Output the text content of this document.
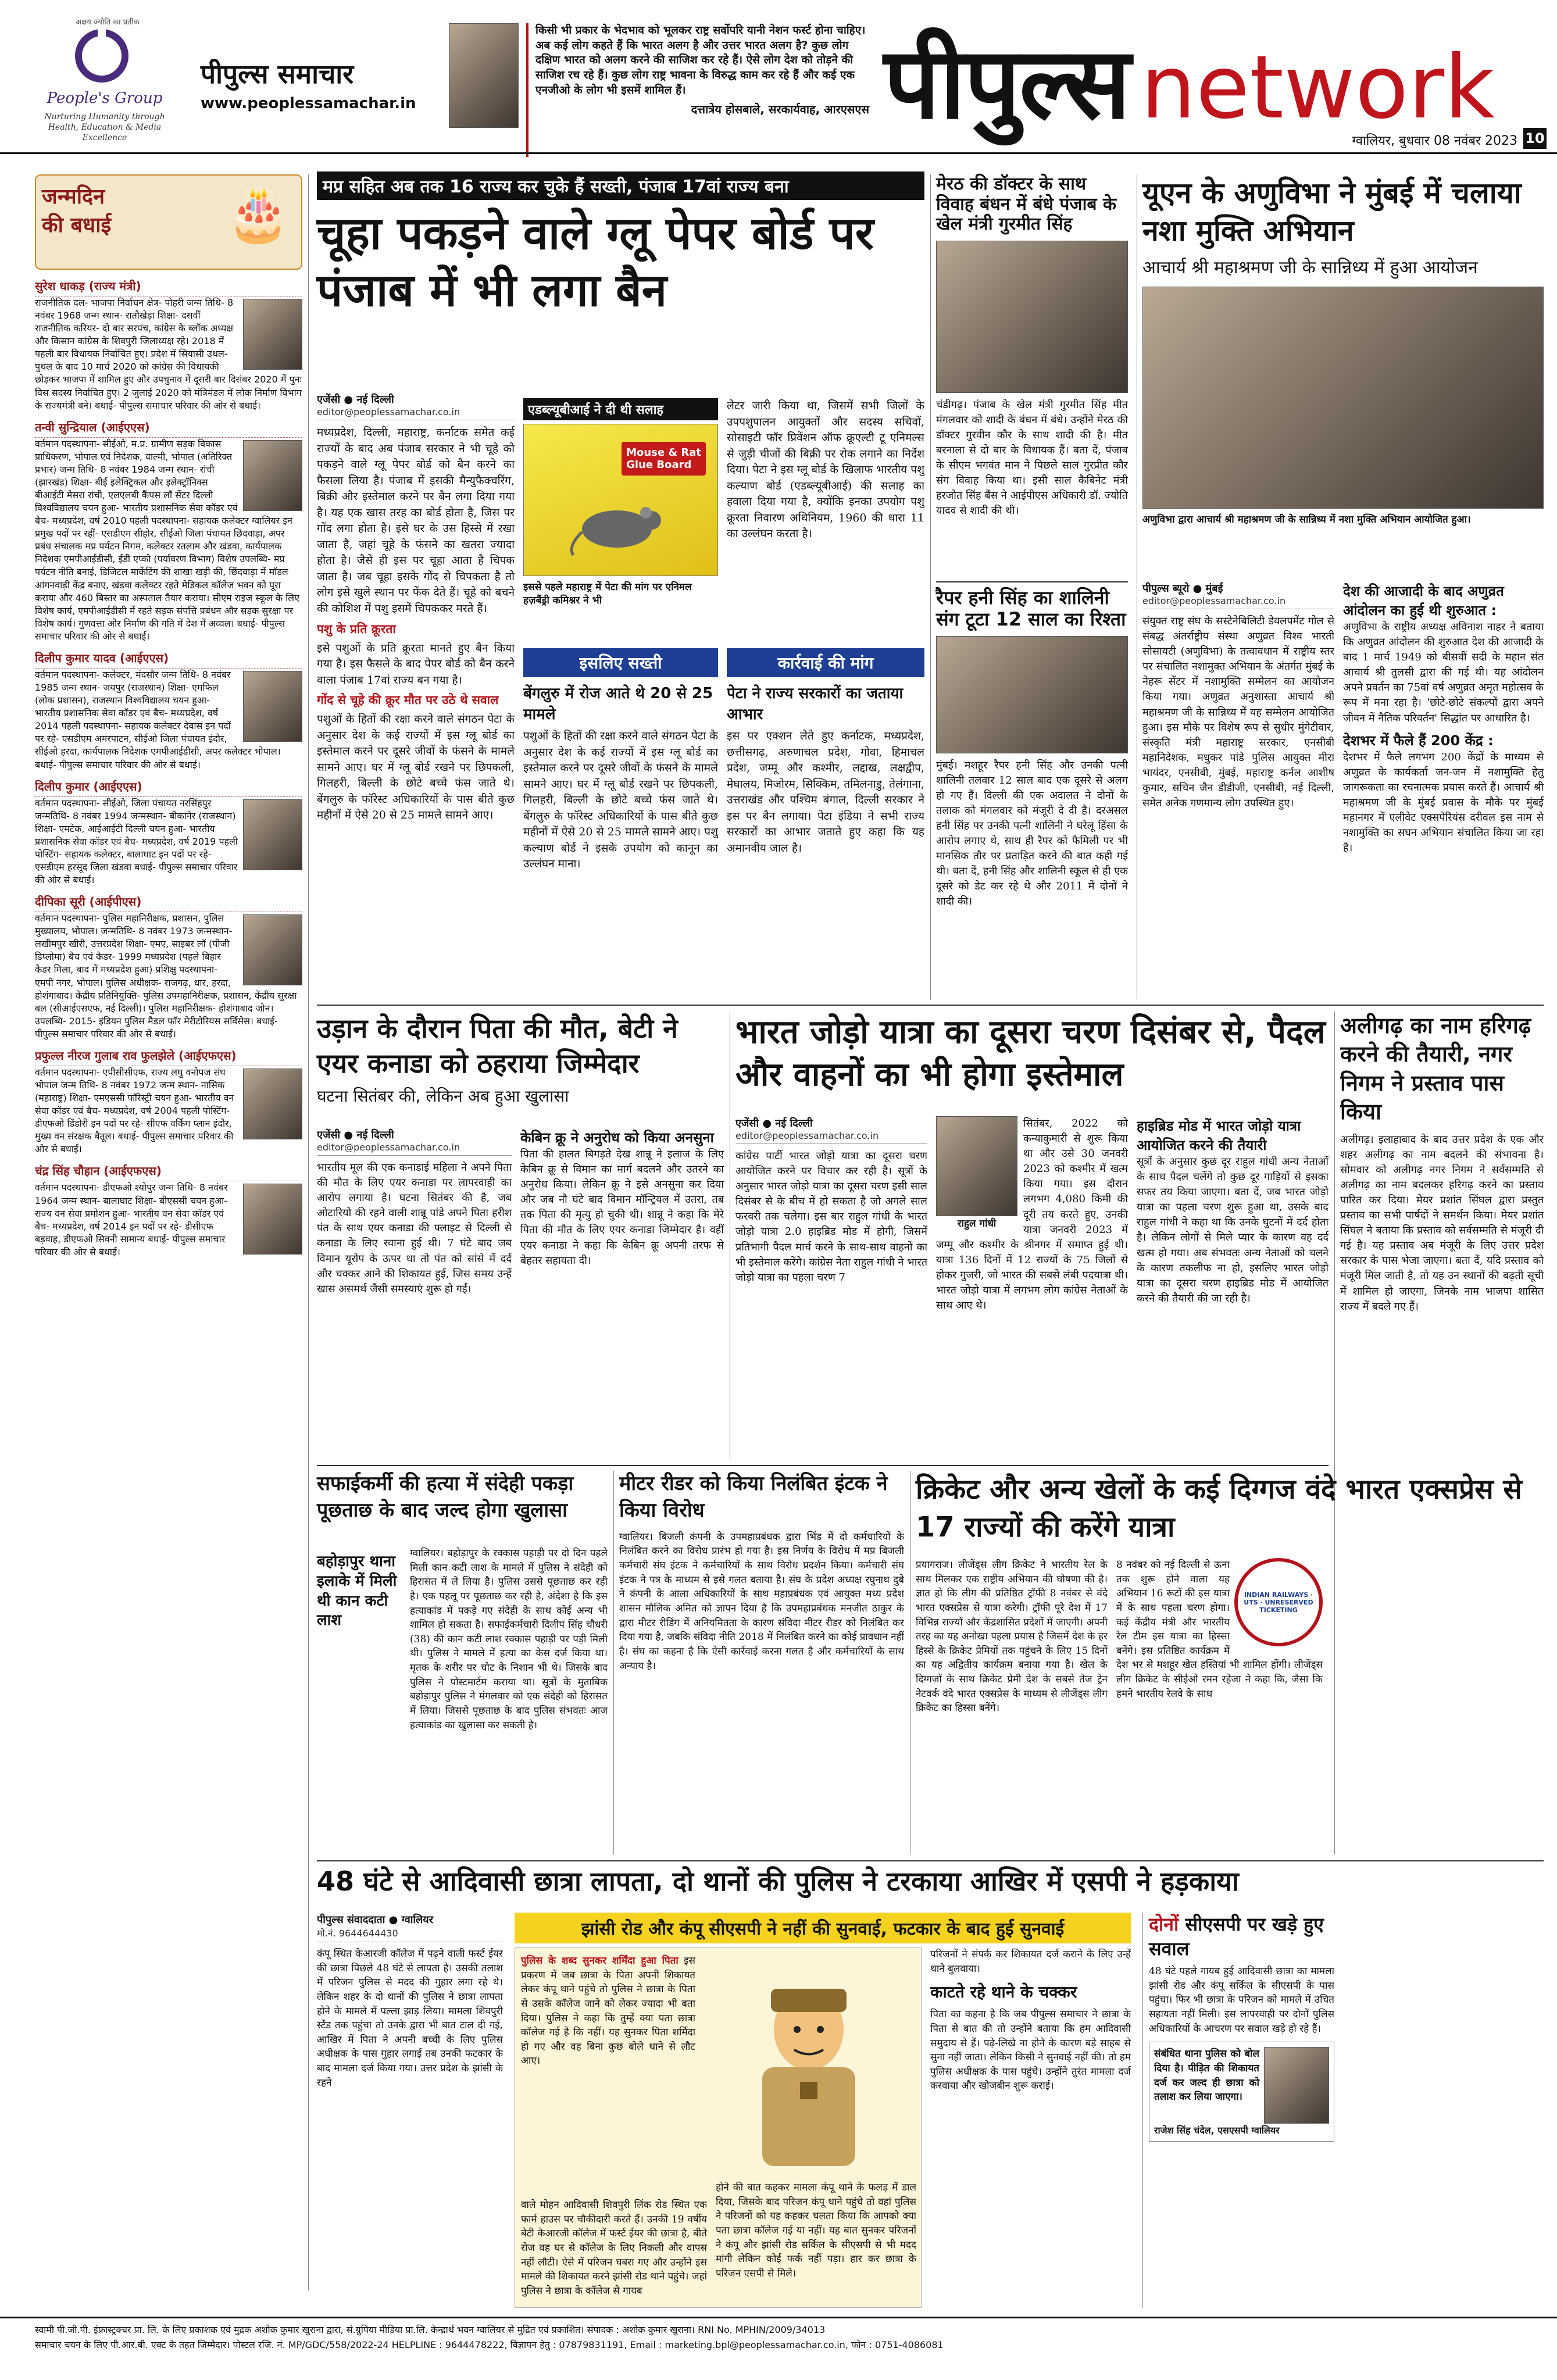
अक्षय ज्योति का प्रतीक
People's Group
Nurturing Humanity through Health, Education & Media Excellence
पीपुल्स समाचार
www.peoplessamachar.in
किसी भी प्रकार के भेदभाव को भूलकर राष्ट्र सर्वोपरि यानी नेशन फर्स्ट होना चाहिए। अब कई लोग कहते हैं कि भारत अलग है और उत्तर भारत अलग है? कुछ लोग दक्षिण भारत को अलग करने की साजिश कर रहे हैं। ऐसे लोग देश को तोड़ने की साजिश रच रहे हैं। कुछ लोग राष्ट्र भावना के विरुद्ध काम कर रहे हैं और कई एक एनजीओ के लोग भी इसमें शामिल हैं।
दत्तात्रेय होसबाले, सरकार्यवाह, आरएसएस पीपुल्स network
ग्वालियर, बुधवार 08 नवंबर 2023 10
जन्मदिन
की बधाई	🎂
सुरेश धाकड़ (राज्य मंत्री)
राजनीतिक दल- भाजपा निर्वाचन क्षेत्र- पोहरी जन्म तिथि- 8 नवंबर 1968 जन्म स्थान- रातौखेड़ा शिक्षा- दसवीं राजनीतिक करियर- दो बार सरपंच, कांग्रेस के ब्लॉक अध्यक्ष और किसान कांग्रेस के शिवपुरी जिलाध्यक्ष रहे। 2018 में पहली बार विधायक निर्वाचित हुए। प्रदेश में सियासी उथल-पुथल के बाद 10 मार्च 2020 को कांग्रेस की विधायकी छोड़कर भाजपा में शामिल हुए और उपचुनाव में दूसरी बार दिसंबर 2020 में पुनः विस सदस्य निर्वाचित हुए। 2 जुलाई 2020 को मंत्रिमंडल में लोक निर्माण विभाग के राज्यमंत्री बने। बधाई- पीपुल्स समाचार परिवार की ओर से बधाई।
तन्वी सुन्द्रियाल (आईएएस)
वर्तमान पदस्थापना- सीईओ, म.प्र. ग्रामीण सड़क विकास प्राधिकरण, भोपाल एवं निदेशक, वाल्मी, भोपाल (अतिरिक्त प्रभार) जन्म तिथि- 8 नवंबर 1984 जन्म स्थान- रांची (झारखंड) शिक्षा- बीई इलेक्ट्रिकल और इलेक्ट्रॉनिक्स बीआईटी मेसरा रांची, एलएलबी कैंपस लॉ सेंटर दिल्ली विश्वविद्यालय चयन हुआ- भारतीय प्रशासनिक सेवा कॉडर एवं बैच- मध्यप्रदेश, वर्ष 2010 पहली पदस्थापना- सहायक कलेक्टर ग्वालियर इन प्रमुख पदों पर रहीं- एसडीएम सीहोर, सीईओ जिला पंचायत छिंदवाड़ा, अपर प्रबंध संचालक मप्र पर्यटन निगम, कलेक्टर रतलाम और खंडवा, कार्यपालक निदेशक एमपीआईडीसी, ईडी एप्को (पर्यावरण विभाग) विशेष उपलब्धि- मप्र पर्यटन नीति बनाई, डिजिटल मार्केटिंग की शाखा खड़ी की, छिंदवाड़ा में मॉडल आंगनवाड़ी केंद्र बनाए, खंडवा कलेक्टर रहते मेडिकल कॉलेज भवन को पूरा कराया और 460 बिस्तर का अस्पताल तैयार कराया। सीएम राइज स्कूल के लिए विशेष कार्य, एमपीआईडीसी में रहते सड़क संपत्ति प्रबंधन और सड़क सुरक्षा पर विशेष कार्य। गुणवत्ता और निर्माण की गति में देश में अव्वल। बधाई- पीपुल्स समाचार परिवार की ओर से बधाई।
दिलीप कुमार यादव (आईएएस)
वर्तमान पदस्थापना- कलेक्टर, मंदसौर जन्म तिथि- 8 नवंबर 1985 जन्म स्थान- जयपुर (राजस्थान) शिक्षा- एमफिल (लोक प्रशासन), राजस्थान विश्वविद्यालय चयन हुआ- भारतीय प्रशासनिक सेवा कॉडर एवं बैच- मध्यप्रदेश, वर्ष 2014 पहली पदस्थापना- सहायक कलेक्टर देवास इन पदों पर रहे- एसडीएम अमरपाटन, सीईओ जिला पंचायत इंदौर, सीईओ हरदा, कार्यपालक निदेशक एमपीआईडीसी, अपर कलेक्टर भोपाल। बधाई- पीपुल्स समाचार परिवार की ओर से बधाई।
दिलीप कुमार (आईएएस)
वर्तमान पदस्थापना- सीईओ, जिला पंचायत नरसिंहपुर जन्मतिथि- 8 नवंबर 1994 जन्मस्थान- बीकानेर (राजस्थान) शिक्षा- एमटेक, आईआईटी दिल्ली चयन हुआ- भारतीय प्रशासनिक सेवा कॉडर एवं बैच- मध्यप्रदेश, वर्ष 2019 पहली पोस्टिंग- सहायक कलेक्टर, बालाघाट इन पदों पर रहे- एसडीएम हरसूद जिला खंडवा बधाई- पीपुल्स समाचार परिवार की ओर से बधाई।
दीपिका सूरी (आईपीएस)
वर्तमान पदस्थापना- पुलिस महानिरीक्षक, प्रशासन, पुलिस मुख्यालय, भोपाल। जन्मतिथि- 8 नवंबर 1973 जन्मस्थान- लखीमपुर खीरी, उत्तरप्रदेश शिक्षा- एमए, साइबर लॉ (पीजी डिप्लोमा) बैच एवं कैडर- 1999 मध्यप्रदेश (पहले बिहार कैडर मिला, बाद में मध्यप्रदेश हुआ) प्रशिक्षु पदस्थापना- एमपी नगर, भोपाल। पुलिस अधीक्षक- राजगढ़, धार, हरदा, होशंगाबाद। केंद्रीय प्रतिनियुक्ति- पुलिस उपमहानिरीक्षक, प्रशासन, केंद्रीय सुरक्षा बल (सीआईएसएफ, नई दिल्ली)। पुलिस महानिरीक्षक- होशंगाबाद जोन। उपलब्धि- 2015- इंडियन पुलिस मैडल फॉर मेरीटोरियस सर्विसेस। बधाई- पीपुल्स समाचार परिवार की ओर से बधाई।
प्रफुल्ल नीरज गुलाब राव फुलझेले (आईएफएस)
वर्तमान पदस्थापना- एपीसीसीएफ, राज्य लघु वनोपज संघ भोपाल जन्म तिथि- 8 नवंबर 1972 जन्म स्थान- नासिक (महाराष्ट्र) शिक्षा- एमएससी फॉरेस्ट्री चयन हुआ- भारतीय वन सेवा कॉडर एवं बैच- मध्यप्रदेश, वर्ष 2004 पहली पोस्टिंग- डीएफओ डिंडोरी इन पदों पर रहे- सीएफ वर्किंग प्लान इंदौर, मुख्य वन संरक्षक बैतूल। बधाई- पीपुल्स समाचार परिवार की ओर से बधाई।
चंद्र सिंह चौहान (आईएफएस)
वर्तमान पदस्थापना- डीएफओ श्योपुर जन्म तिथि- 8 नवंबर 1964 जन्म स्थान- बालाघाट शिक्षा- बीएससी चयन हुआ- राज्य वन सेवा प्रमोशन हुआ- भारतीय वन सेवा कॉडर एवं बैच- मध्यप्रदेश, वर्ष 2014 इन पदों पर रहे- डीसीएफ बड़वाह, डीएफओ सिवनी सामान्य बधाई- पीपुल्स समाचार परिवार की ओर से बधाई।
मप्र सहित अब तक 16 राज्य कर चुके हैं सख्ती, पंजाब 17वां राज्य बना
चूहा पकड़ने वाले ग्लू पेपर बोर्ड पर पंजाब में भी लगा बैन
एजेंसी ● नई दिल्ली
editor@peoplessamachar.co.in
मध्यप्रदेश, दिल्ली, महाराष्ट्र, कर्नाटक समेत कई राज्यों के बाद अब पंजाब सरकार ने भी चूहे को पकड़ने वाले ग्लू पेपर बोर्ड को बैन करने का फैसला लिया है। पंजाब में इसकी मैन्युफैक्चरिंग, बिक्री और इस्तेमाल करने पर बैन लगा दिया गया है। यह एक खास तरह का बोर्ड होता है, जिस पर गोंद लगा होता है। इसे घर के उस हिस्से में रखा जाता है, जहां चूहे के फंसने का खतरा ज्यादा होता है। जैसे ही इस पर चूहा आता है चिपक जाता है। जब चूहा इसके गोंद से चिपकता है तो लोग इसे खुले स्थान पर फेंक देते हैं। चूहे को बचने की कोशिश में पशु इसमें चिपककर मरते हैं।
पशु के प्रति क्रूरता
इसे पशुओं के प्रति क्रूरता मानते हुए बैन किया गया है। इस फैसले के बाद पेपर बोर्ड को बैन करने वाला पंजाब 17वां राज्य बन गया है।
गोंद से चूहे की क्रूर मौत पर उठे थे सवाल
पशुओं के हितों की रक्षा करने वाले संगठन पेटा के अनुसार देश के कई राज्यों में इस ग्लू बोर्ड का इस्तेमाल करने पर दूसरे जीवों के फंसने के मामले सामने आए। घर में ग्लू बोर्ड रखने पर छिपकली, गिलहरी, बिल्ली के छोटे बच्चे फंस जाते थे। बेंगलुरु के फॉरेस्ट अधिकारियों के पास बीते कुछ महीनों में ऐसे 20 से 25 मामले सामने आए।
एडब्ल्यूबीआई ने दी थी सलाह
Mouse & Rat
Glue Board
इससे पहले महाराष्ट्र में पेटा की मांग पर एनिमल हज़बैंड्री कमिश्नर ने भी
लेटर जारी किया था, जिसमें सभी जिलों के उपपशुपालन आयुक्तों और सदस्य सचिवों, सोसाइटी फॉर प्रिवेंशन ऑफ क्रूएल्टी टू एनिमल्स से जुड़ी चीजों की बिक्री पर रोक लगाने का निर्देश दिया। पेटा ने इस ग्लू बोर्ड के खिलाफ भारतीय पशु कल्याण बोर्ड (एडब्ल्यूबीआई) की सलाह का हवाला दिया गया है, क्योंकि इनका उपयोग पशु क्रूरता निवारण अधिनियम, 1960 की धारा 11 का उल्लंघन करता है।
इसलिए सख्ती
बेंगलुरु में रोज आते थे 20 से 25 मामले
पशुओं के हितों की रक्षा करने वाले संगठन पेटा के अनुसार देश के कई राज्यों में इस ग्लू बोर्ड का इस्तेमाल करने पर दूसरे जीवों के फंसने के मामले सामने आए। घर में ग्लू बोर्ड रखने पर छिपकली, गिलहरी, बिल्ली के छोटे बच्चे फंस जाते थे। बेंगलुरु के फॉरेस्ट अधिकारियों के पास बीते कुछ महीनों में ऐसे 20 से 25 मामले सामने आए। पशु कल्याण बोर्ड ने इसके उपयोग को कानून का उल्लंघन माना।
कार्रवाई की मांग
पेटा ने राज्य सरकारों का जताया आभार
इस पर एक्शन लेते हुए कर्नाटक, मध्यप्रदेश, छत्तीसगढ़, अरुणाचल प्रदेश, गोवा, हिमाचल प्रदेश, जम्मू और कश्मीर, लद्दाख, लक्षद्वीप, मेघालय, मिजोरम, सिक्किम, तमिलनाडु, तेलंगाना, उत्तराखंड और पश्चिम बंगाल, दिल्ली सरकार ने इस पर बैन लगाया। पेटा इंडिया ने सभी राज्य सरकारों का आभार जताते हुए कहा कि यह अमानवीय जाल है।
मेरठ की डॉक्टर के साथ विवाह बंधन में बंधे पंजाब के खेल मंत्री गुरमीत सिंह
चंडीगढ़। पंजाब के खेल मंत्री गुरमीत सिंह मीत मंगलवार को शादी के बंधन में बंधे। उन्होंने मेरठ की डॉक्टर गुरवीन कौर के साथ शादी की है। मीत बरनाला से दो बार के विधायक हैं। बता दें, पंजाब के सीएम भगवंत मान ने पिछले साल गुरप्रीत कौर संग विवाह किया था। इसी साल कैबिनेट मंत्री हरजोत सिंह बैंस ने आईपीएस अधिकारी डॉ. ज्योति यादव से शादी की थी।
रैपर हनी सिंह का शालिनी संग टूटा 12 साल का रिश्ता
मुंबई। मशहूर रैपर हनी सिंह और उनकी पत्नी शालिनी तलवार 12 साल बाद एक दूसरे से अलग हो गए हैं। दिल्ली की एक अदालत ने दोनों के तलाक को मंगलवार को मंजूरी दे दी है। दरअसल हनी सिंह पर उनकी पत्नी शालिनी ने घरेलू हिंसा के आरोप लगाए थे, साथ ही रैपर को फैमिली पर भी मानसिक तौर पर प्रताड़ित करने की बात कही गई थी। बता दें, हनी सिंह और शालिनी स्कूल से ही एक दूसरे को डेट कर रहे थे और 2011 में दोनों ने शादी की।
यूएन के अणुविभा ने मुंबई में चलाया नशा मुक्ति अभियान
आचार्य श्री महाश्रमण जी के सान्निध्य में हुआ आयोजन
अणुविभा द्वारा आचार्य श्री महाश्रमण जी के सान्निध्य में नशा मुक्ति अभियान आयोजित हुआ।
पीपुल्स ब्यूरो ● मुंबई
editor@peoplessamachar.co.in
संयुक्त राष्ट्र संघ के सस्टेनेबिलिटी डेवलपमेंट गोल से संबद्ध अंतर्राष्ट्रीय संस्था अणुव्रत विश्व भारती सोसायटी (अणुविभा) के तत्वावधान में राष्ट्रीय स्तर पर संचालित नशामुक्त अभियान के अंतर्गत मुंबई के नेहरू सेंटर में नशामुक्ति सम्मेलन का आयोजन किया गया। अणुव्रत अनुशास्ता आचार्य श्री महाश्रमण जी के सान्निध्य में यह सम्मेलन आयोजित हुआ। इस मौके पर विशेष रूप से सुधीर मुंगेटीवार, संस्कृति मंत्री महाराष्ट्र सरकार, एनसीबी महानिदेशक, मधुकर पांडे पुलिस आयुक्त मीरा भायंदर, एनसीबी, मुंबई, महाराष्ट्र कर्नल आशीष कुमार, सचिन जैन डीडीजी, एनसीबी, नई दिल्ली, समेत अनेक गणमान्य लोग उपस्थित हुए।
देश की आजादी के बाद अणुव्रत आंदोलन का हुई थी शुरुआत :
अणुविभा के राष्ट्रीय अध्यक्ष अविनाश नाहर ने बताया कि अणुव्रत आंदोलन की शुरुआत देश की आजादी के बाद 1 मार्च 1949 को बीसवीं सदी के महान संत आचार्य श्री तुलसी द्वारा की गई थी। यह आंदोलन अपने प्रवर्तन का 75वां वर्ष अणुव्रत अमृत महोत्सव के रूप में मना रहा है। 'छोटे-छोटे संकल्पों द्वारा अपने जीवन में नैतिक परिवर्तन' सिद्धांत पर आधारित है।
देशभर में फैले हैं 200 केंद्र :
देशभर में फैले लगभग 200 केंद्रों के माध्यम से अणुव्रत के कार्यकर्ता जन-जन में नशामुक्ति हेतु जागरूकता का रचनात्मक प्रयास करते हैं। आचार्य श्री महाश्रमण जी के मुंबई प्रवास के मौके पर मुंबई महानगर में एलीवेट एक्सपेरियंस दरीवल इस नाम से नशामुक्ति का सघन अभियान संचालित किया जा रहा है।
उड़ान के दौरान पिता की मौत, बेटी ने एयर कनाडा को ठहराया जिम्मेदार
घटना सितंबर की, लेकिन अब हुआ खुलासा
एजेंसी ● नई दिल्ली
editor@peoplessamachar.co.in
भारतीय मूल की एक कनाडाई महिला ने अपने पिता की मौत के लिए एयर कनाडा पर लापरवाही का आरोप लगाया है। घटना सितंबर की है, जब ओटारियो की रहने वाली शान्नू पांडे अपने पिता हरीश पंत के साथ एयर कनाडा की फ्लाइट से दिल्ली से कनाडा के लिए रवाना हुई थी। 7 घंटे बाद जब विमान यूरोप के ऊपर था तो पंत को सांसे में दर्द और चक्कर आने की शिकायत हुई, जिस समय उन्हें खास असमर्थ जैसी समस्याएं शुरू हो गईं।
केबिन क्रू ने अनुरोध को किया अनसुना
पिता की हालत बिगड़ते देख शान्नू ने इलाज के लिए केबिन क्रू से विमान का मार्ग बदलने और उतरने का अनुरोध किया। लेकिन क्रू ने इसे अनसुना कर दिया और जब नौ घंटे बाद विमान मॉन्ट्रियल में उतरा, तब तक पिता की मृत्यु हो चुकी थी। शान्नू ने कहा कि मेरे पिता की मौत के लिए एयर कनाडा जिम्मेदार है। वहीं एयर कनाडा ने कहा कि केबिन क्रू अपनी तरफ से बेहतर सहायता दी।
भारत जोड़ो यात्रा का दूसरा चरण दिसंबर से, पैदल और वाहनों का भी होगा इस्तेमाल
एजेंसी ● नई दिल्ली
editor@peoplessamachar.co.in
कांग्रेस पार्टी भारत जोड़ो यात्रा का दूसरा चरण आयोजित करने पर विचार कर रही है। सूत्रों के अनुसार भारत जोड़ो यात्रा का दूसरा चरण इसी साल दिसंबर से के बीच में हो सकता है जो अगले साल फरवरी तक चलेगा। इस बार राहुल गांधी के भारत जोड़ो यात्रा 2.0 हाइब्रिड मोड में होगी, जिसमें प्रतिभागी पैदल मार्च करने के साथ-साथ वाहनों का भी इस्तेमाल करेंगे। कांग्रेस नेता राहुल गांधी ने भारत जोड़ो यात्रा का पहला चरण 7
राहुल गांधी
सितंबर, 2022 को कन्याकुमारी से शुरू किया था और उसे 30 जनवरी 2023 को कश्मीर में खत्म किया गया। इस दौरान लगभग 4,080 किमी की दूरी तय करते हुए, उनकी यात्रा जनवरी 2023 में जम्मू और कश्मीर के श्रीनगर में समाप्त हुई थी। यात्रा 136 दिनों में 12 राज्यों के 75 जिलों से होकर गुजरी, जो भारत की सबसे लंबी पदयात्रा थी। भारत जोड़ो यात्रा में लगभग लोग कांग्रेस नेताओं के साथ आए थे।
हाइब्रिड मोड में भारत जोड़ो यात्रा आयोजित करने की तैयारी
सूत्रों के अनुसार कुछ दूर राहुल गांधी अन्य नेताओं के साथ पैदल चलेंगे तो कुछ दूर गाड़ियों से इसका सफर तय किया जाएगा। बता दें, जब भारत जोड़ो यात्रा का पहला चरण शुरू हुआ था, उसके बाद राहुल गांधी ने कहा था कि उनके घुटनों में दर्द होता है। लेकिन लोगों से मिले प्यार के कारण वह दर्द खत्म हो गया। अब संभवतः अन्य नेताओं को चलने के कारण तकलीफ ना हो, इसलिए भारत जोड़ो यात्रा का दूसरा चरण हाइब्रिड मोड में आयोजित करने की तैयारी की जा रही है।
अलीगढ़ का नाम हरिगढ़ करने की तैयारी, नगर निगम ने प्रस्ताव पास किया
अलीगढ़। इलाहाबाद के बाद उत्तर प्रदेश के एक और शहर अलीगढ़ का नाम बदलने की संभावना है। सोमवार को अलीगढ़ नगर निगम ने सर्वसम्मति से अलीगढ़ का नाम बदलकर हरिगढ़ करने का प्रस्ताव पारित कर दिया। मेयर प्रशांत सिंघल द्वारा प्रस्तुत प्रस्ताव का सभी पार्षदों ने समर्थन किया। मेयर प्रशांत सिंघल ने बताया कि प्रस्ताव को सर्वसम्मति से मंजूरी दी गई है। यह प्रस्ताव अब मंजूरी के लिए उत्तर प्रदेश सरकार के पास भेजा जाएगा। बता दें, यदि प्रस्ताव को मंजूरी मिल जाती है, तो यह उन स्थानों की बढ़ती सूची में शामिल हो जाएगा, जिनके नाम भाजपा शासित राज्य में बदले गए हैं।
सफाईकर्मी की हत्या में संदेही पकड़ा पूछताछ के बाद जल्द होगा खुलासा
बहोड़ापुर थाना इलाके में मिली थी कान कटी लाश
ग्वालियर। बहोड़ापुर के रक्कास पहाड़ी पर दो दिन पहले मिली कान कटी लाश के मामले में पुलिस ने संदेही को हिरासत में ले लिया है। पुलिस उससे पूछताछ कर रही है। एक पहलू पर पूछताछ कर रही है, अंदेशा है कि इस हत्याकांड में पकड़े गए संदेही के साथ कोई अन्य भी शामिल हो सकता है। सफाईकर्मचारी दिलीप सिंह चौधरी (38) की कान कटी लाश रक्कास पहाड़ी पर पड़ी मिली थी। पुलिस ने मामले में हत्या का केस दर्ज किया था। मृतक के शरीर पर चोट के निशान भी थे। जिसके बाद पुलिस ने पोस्टमार्टम कराया था। सूत्रों के मुताबिक बहोड़ापुर पुलिस ने मंगलवार को एक संदेही को हिरासत में लिया। जिससे पूछताछ के बाद पुलिस संभवतः आज हत्याकांड का खुलासा कर सकती है।
मीटर रीडर को किया निलंबित इंटक ने किया विरोध
ग्वालियर। बिजली कंपनी के उपमहाप्रबंधक द्वारा भिंड में दो कर्मचारियों के निलंबित करने का विरोध प्रारंभ हो गया है। इस निर्णय के विरोध में मप्र बिजली कर्मचारी संघ इंटक ने कर्मचारियों के साथ विरोध प्रदर्शन किया। कर्मचारी संघ इंटक ने पत्र के माध्यम से इसे गलत बताया है। संघ के प्रदेश अध्यक्ष रघुनाथ दुबे ने कंपनी के आला अधिकारियों के साथ महाप्रबंधक एवं आयुक्त मध्य प्रदेश शासन मौलिक अमित को ज्ञापन दिया है कि उपमहाप्रबंधक मनजीत ठाकुर के द्वारा मीटर रीडिंग में अनियमितता के कारण संविदा मीटर रीडर को निलंबित कर दिया गया है, जबकि संविदा नीति 2018 में निलंबित करने का कोई प्रावधान नहीं है। संघ का कहना है कि ऐसी कार्रवाई करना गलत है और कर्मचारियों के साथ अन्याय है।
क्रिकेट और अन्य खेलों के कई दिग्गज वंदे भारत एक्सप्रेस से 17 राज्यों की करेंगे यात्रा
प्रयागराज। लीजेंड्स लीग क्रिकेट ने भारतीय रेल के साथ मिलकर एक राष्ट्रीय अभियान की घोषणा की है। ज्ञात हो कि लीग की प्रतिष्ठित ट्रॉफी 8 नवंबर से वंदे भारत एक्सप्रेस से यात्रा करेगी। ट्रॉफी पूरे देश में 17 विभिन्न राज्यों और केंद्रशासित प्रदेशों में जाएगी। अपनी तरह का यह अनोखा पहला प्रयास है जिसमें देश के हर हिस्से के क्रिकेट प्रेमियों तक पहुंचने के लिए 15 दिनों का यह अद्वितीय कार्यक्रम बनाया गया है। खेल के दिग्गजों के साथ क्रिकेट प्रेमी देश के सबसे तेज ट्रेन नेटवर्क वंदे भारत एक्सप्रेस के माध्यम से लीजेंड्स लीग क्रिकेट का हिस्सा बनेंगे।
INDIAN RAILWAYS · UTS · UNRESERVED TICKETING
8 नवंबर को नई दिल्ली से ऊना तक शुरू होने वाला यह अभियान 16 रूटों की इस यात्रा में के साथ पहला चरण होगा। कई केंद्रीय मंत्री और भारतीय रेल टीम इस यात्रा का हिस्सा बनेंगे। इस प्रतिष्ठित कार्यक्रम में देश भर से मशहूर खेल हस्तियां भी शामिल होंगी। लीजेंड्स लीग क्रिकेट के सीईओ रमन रहेजा ने कहा कि, जैसा कि हमने भारतीय रेलवे के साथ
48 घंटे से आदिवासी छात्रा लापता, दो थानों की पुलिस ने टरकाया आखिर में एसपी ने हड़काया
पीपुल्स संवाददाता ● ग्वालियर
मो.नं. 9644644430
कंपू स्थित केआरजी कॉलेज में पढ़ने वाली फर्स्ट ईयर की छात्रा पिछले 48 घंटे से लापता है। उसकी तलाश में परिजन पुलिस से मदद की गुहार लगा रहे थे। लेकिन शहर के दो थानों की पुलिस ने छात्रा लापता होने के मामले में पल्ला झाड़ लिया। मामला शिवपुरी स्टैंड तक पहुंचा तो उनके द्वारा भी बात टाल दी गई, आखिर में पिता ने अपनी बच्ची के लिए पुलिस अधीक्षक के पास गुहार लगाई तब उनकी फटकार के बाद मामला दर्ज किया गया। उत्तर प्रदेश के झांसी के रहने
झांसी रोड और कंपू सीएसपी ने नहीं की सुनवाई, फटकार के बाद हुई सुनवाई
पुलिस के शब्द सुनकर शर्मिंदा हुआ पिता इस प्रकरण में जब छात्रा के पिता अपनी शिकायत लेकर कंपू थाने पहुंचे तो पुलिस ने छात्रा के पिता से उसके कॉलेज जाने को लेकर ज्यादा भी बता दिया। पुलिस ने कहा कि तुम्हें क्या पता छात्रा कॉलेज गई है कि नहीं। यह सुनकर पिता शर्मिंदा हो गए और वह बिना कुछ बोले थाने से लौट आए।
वाले मोहन आदिवासी शिवपुरी लिंक रोड स्थित एक फार्म हाउस पर चौकीदारी करते हैं। उनकी 19 वर्षीय बेटी केआरजी कॉलेज में फर्स्ट ईयर की छात्रा है, बीते रोज वह घर से कॉलेज के लिए निकली और वापस नहीं लौटी। ऐसे में परिजन घबरा गए और उन्होंने इस मामले की शिकायत करने झांसी रोड थाने पहुंचे। जहां पुलिस ने छात्रा के कॉलेज से गायब
होने की बात कहकर मामला कंपू थाने के फलड़ में डाल दिया, जिसके बाद परिजन कंपू थाने पहुंचे तो वहां पुलिस ने परिजनों को यह कहकर चलता किया कि आपको क्या पता छात्रा कॉलेज गई या नहीं। यह बात सुनकर परिजनों ने कंपू और झांसी रोड सर्किल के सीएसपी से भी मदद मांगी लेकिन कोई फर्क नहीं पड़ा। हार कर छात्रा के परिजन एसपी से मिले।
परिजनों ने संपर्क कर शिकायत दर्ज कराने के लिए उन्हें थाने बुलवाया।
काटते रहे थाने के चक्कर
पिता का कहना है कि जब पीपुल्स समाचार ने छात्रा के पिता से बात की तो उन्होंने बताया कि हम आदिवासी समुदाय से हैं। पढ़े-लिखे ना होने के कारण बड़े साहब से सुना नहीं जाता। लेकिन किसी ने सुनवाई नहीं की। तो हम पुलिस अधीक्षक के पास पहुंचे। उन्होंने तुरंत मामला दर्ज करवाया और खोजबीन शुरू कराई।
दोनों सीएसपी पर खड़े हुए सवाल
48 घंटे पहले गायब हुई आदिवासी छात्रा का मामला झांसी रोड और कंपू सर्किल के सीएसपी के पास पहुंचा। फिर भी छात्रा के परिजन को मामले में उचित सहायता नहीं मिली। इस लापरवाही पर दोनों पुलिस अधिकारियों के आचरण पर सवाल खड़े हो रहे हैं।
संबंधित थाना पुलिस को बोल दिया है। पीड़ित की शिकायत दर्ज कर जल्द ही छात्रा को तलाश कर लिया जाएगा।
राजेश सिंह चंदेल, एसएसपी ग्वालियर
स्वामी पी.जी.पी. इंफ्रास्ट्रक्चर प्रा. लि. के लिए प्रकाशक एवं मुद्रक अशोक कुमार खुराना द्वारा, सं.ग्रुपिया मीडिया प्रा.लि. केन्द्रार्थ भवन ग्वालियर से मुद्रित एवं प्रकाशित। संपादक : अशोक कुमार खुराना। RNI No. MPHIN/2009/34013
समाचार चयन के लिए पी.आर.बी. एक्ट के तहत जिम्मेदार। पोस्टल रजि. नं. MP/GDC/558/2022-24 HELPLINE : 9644478222, विज्ञापन हेतु : 07879831191, Email : marketing.bpl@peoplessamachar.co.in, फोन : 0751-4086081
